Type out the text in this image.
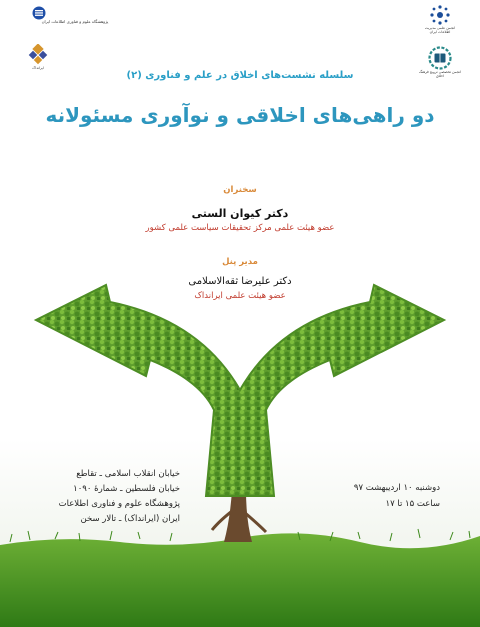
پژوهشگاه علوم و فناوری اطلاعات ایران
ایرانداک
انجمن علمی مدیریت اطلاعات ایران
انجمن تخصصی ترویج فرهنگ اخلاق
سلسله نشست‌های اخلاق در علم و فناوری (۲)
دو راهی‌های اخلاقی و نوآوری مسئولانه
سخنران
دکتر کیوان الستی
عضو هیئت علمی مرکز تحقیقات سیاست علمی کشور
مدیر پنل
دکتر علیرضا ثقه‌الاسلامی
عضو هیئت علمی ایرانداک
خیابان انقلاب اسلامی ـ تقاطع
خیابان فلسطین ـ شمارۀ ۱۰۹۰
پژوهشگاه علوم و فناوری اطلاعات
ایران (ایرانداک) ـ تالار سخن
دوشنبه ۱۰ اردیبهشت ۹۷
ساعت ۱۵ تا ۱۷
